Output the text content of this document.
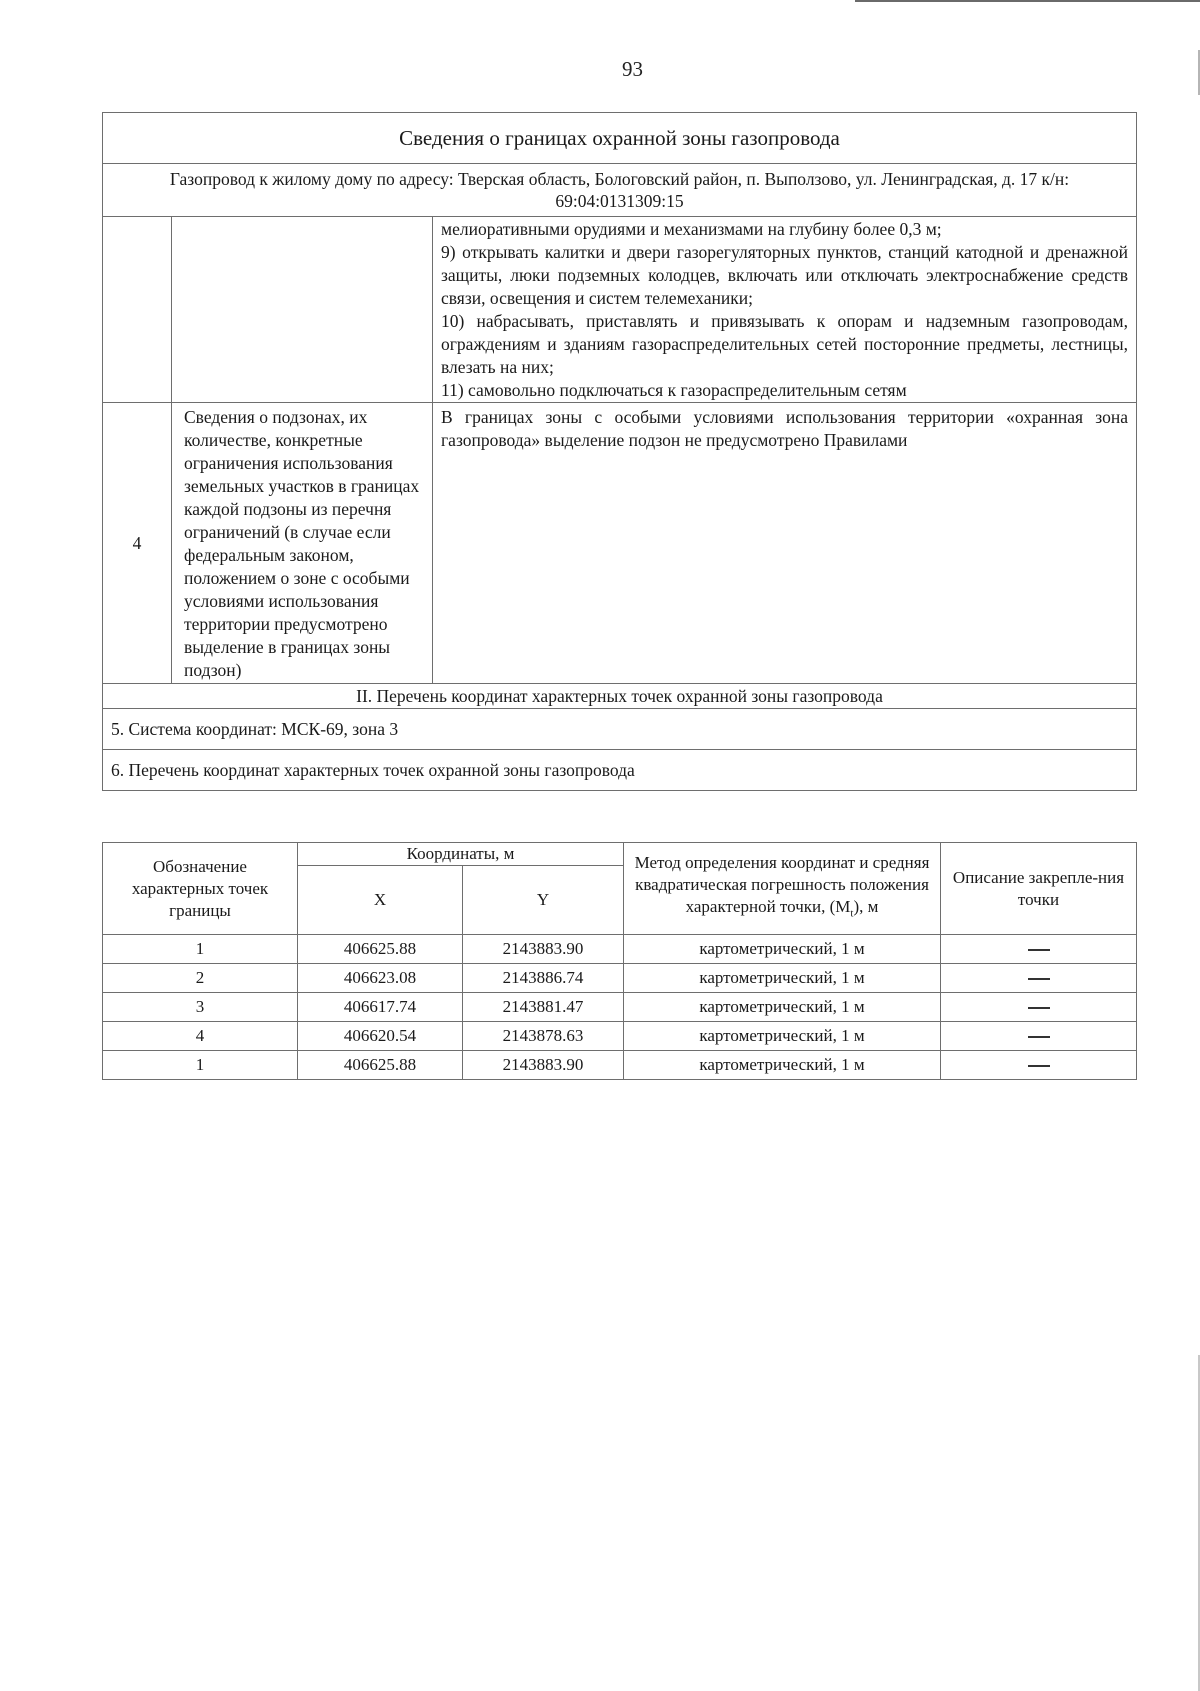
93
Сведения о границах охранной зоны газопровода		
Газопровод к жилому дому по адресу: Тверская область, Бологовский район, п. Выползово, ул. Ленинградская, д. 17 к/н: 69:04:0131309:15		

		мелиоративными орудиями и механизмами на глубину более 0,3 м;

9) открывать калитки и двери газорегуляторных пунктов, станций катодной и дренажной защиты, люки подземных колодцев, включать или отключать электроснабжение средств связи, освещения и систем телемеханики;

10) набрасывать, приставлять и привязывать к опорам и надземным газопроводам, ограждениям и зданиям газораспределительных сетей посторонние предметы, лестницы, влезать на них;

11) самовольно подключаться к газораспределительным сетям

4	Сведения о подзонах, их количестве, конкретные ограничения использования земельных участков в границах каждой подзоны из перечня ограничений (в случае если федеральным законом, положением о зоне с особыми условиями использования территории предусмотрено выделение в границах зоны подзон)	В границах зоны с особыми условиями использования территории «охранная зона газопровода» выделение подзон не предусмотрено Правилами

II. Перечень координат характерных точек охранной зоны газопровода		
5. Система координат: МСК-69, зона 3		
6. Перечень координат характерных точек охранной зоны газопровода		
Обозначение характерных точек границы	Координаты, м		Метод определения координат и средняя квадратическая погрешность положения характерной точки, $(M_t)$, м	Описание закрепле-ния точки
	X	Y		
1	406625.88	2143883.90	картометрический, 1 м	
2	406623.08	2143886.74	картометрический, 1 м	
3	406617.74	2143881.47	картометрический, 1 м	
4	406620.54	2143878.63	картометрический, 1 м	
1	406625.88	2143883.90	картометрический, 1 м	
